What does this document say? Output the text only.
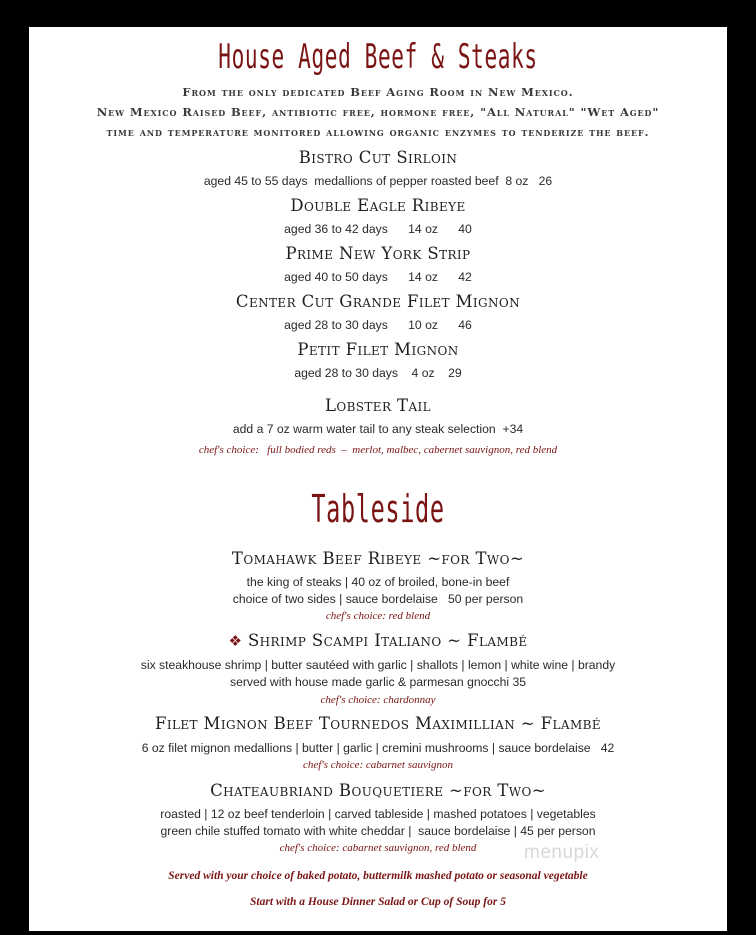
House Aged Beef & Steaks
From the only dedicated Beef Aging Room in New Mexico.
New Mexico Raised Beef, antibiotic free, hormone free, "All Natural" "Wet Aged"
time and temperature monitored allowing organic enzymes to tenderize the beef.
Bistro Cut Sirloin
aged 45 to 55 days  medallions of pepper roasted beef  8 oz   26
Double Eagle Ribeye
aged 36 to 42 days      14 oz      40
Prime New York Strip
aged 40 to 50 days      14 oz      42
Center Cut Grande Filet Mignon
aged 28 to 30 days      10 oz      46
Petit Filet Mignon
aged 28 to 30 days    4 oz    29
Lobster Tail
add a 7 oz warm water tail to any steak selection  +34
chef's choice:   full bodied reds  –  merlot, malbec, cabernet sauvignon, red blend
Tableside
Tomahawk Beef Ribeye ~for Two~
the king of steaks | 40 oz of broiled, bone-in beef
choice of two sides | sauce bordelaise   50 per person
chef's choice: red blend
❖ Shrimp Scampi Italiano ~ Flambé
six steakhouse shrimp | butter sautéed with garlic | shallots | lemon | white wine | brandy
served with house made garlic & parmesan gnocchi 35
chef's choice: chardonnay
Filet Mignon Beef Tournedos Maximillian ~ Flambé
6 oz filet mignon medallions | butter | garlic | cremini mushrooms | sauce bordelaise   42
chef's choice: cabarnet sauvignon
Chateaubriand Bouquetiere ~for Two~
roasted | 12 oz beef tenderloin | carved tableside | mashed potatoes | vegetables
green chile stuffed tomato with white cheddar |  sauce bordelaise | 45 per person
chef's choice: cabarnet sauvignon, red blend
Served with your choice of baked potato, buttermilk mashed potato or seasonal vegetable
Start with a House Dinner Salad or Cup of Soup for 5
menupix
